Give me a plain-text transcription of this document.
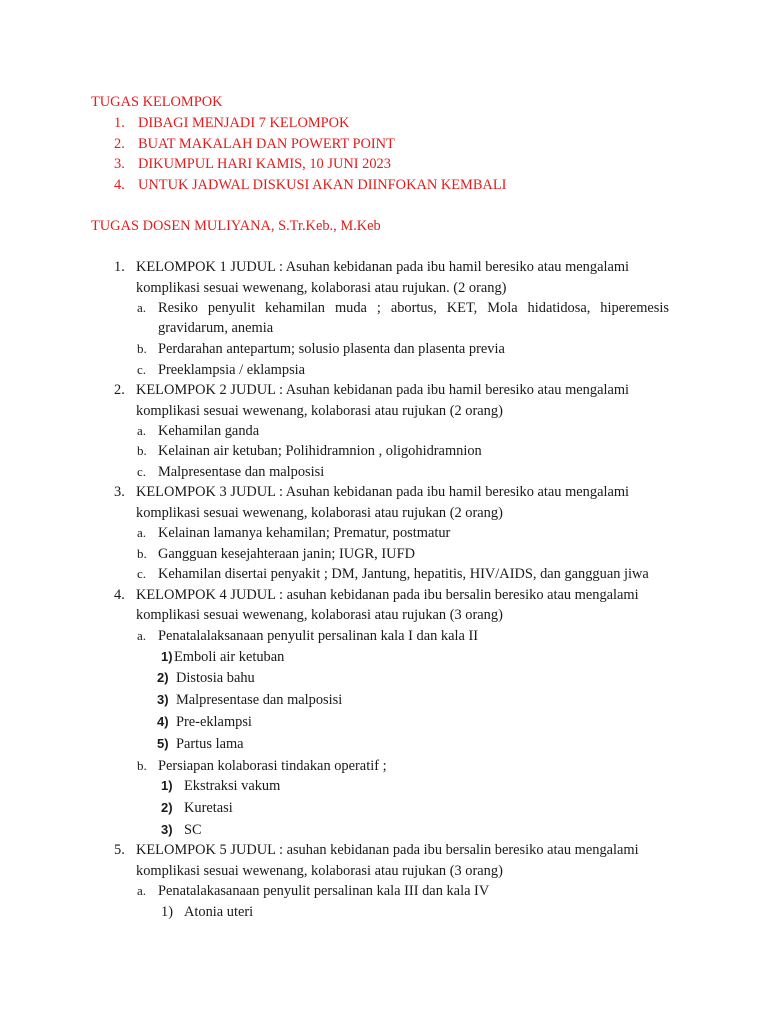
TUGAS KELOMPOK
1. DIBAGI MENJADI 7 KELOMPOK
2. BUAT MAKALAH DAN POWERT POINT
3. DIKUMPUL HARI KAMIS, 10 JUNI 2023
4. UNTUK JADWAL DISKUSI AKAN DIINFOKAN KEMBALI
TUGAS DOSEN MULIYANA, S.Tr.Keb., M.Keb
1. KELOMPOK 1 JUDUL : Asuhan kebidanan pada ibu hamil beresiko atau mengalami
komplikasi sesuai wewenang, kolaborasi atau rujukan. (2 orang)
a. Resiko penyulit kehamilan muda ; abortus, KET, Mola hidatidosa, hiperemesis
gravidarum, anemia
b. Perdarahan antepartum; solusio plasenta dan plasenta previa
c. Preeklampsia / eklampsia
2. KELOMPOK 2 JUDUL : Asuhan kebidanan pada ibu hamil beresiko atau mengalami
komplikasi sesuai wewenang, kolaborasi atau rujukan (2 orang)
a. Kehamilan ganda
b. Kelainan air ketuban; Polihidramnion , oligohidramnion
c. Malpresentase dan malposisi
3. KELOMPOK 3 JUDUL : Asuhan kebidanan pada ibu hamil beresiko atau mengalami
komplikasi sesuai wewenang, kolaborasi atau rujukan (2 orang)
a. Kelainan lamanya kehamilan; Prematur, postmatur
b. Gangguan kesejahteraan janin; IUGR, IUFD
c. Kehamilan disertai penyakit ; DM, Jantung, hepatitis, HIV/AIDS, dan gangguan jiwa
4. KELOMPOK 4 JUDUL : asuhan kebidanan pada ibu bersalin beresiko atau mengalami
komplikasi sesuai wewenang, kolaborasi atau rujukan (3 orang)
a. Penatalalaksanaan penyulit persalinan kala I dan kala II
1) Emboli air ketuban
2) Distosia bahu
3) Malpresentase dan malposisi
4) Pre-eklampsi
5) Partus lama
b. Persiapan kolaborasi tindakan operatif ;
1) Ekstraksi vakum
2) Kuretasi
3) SC
5. KELOMPOK 5 JUDUL : asuhan kebidanan pada ibu bersalin beresiko atau mengalami
komplikasi sesuai wewenang, kolaborasi atau rujukan (3 orang)
a. Penatalakasanaan penyulit persalinan kala III dan kala IV
1) Atonia uteri
